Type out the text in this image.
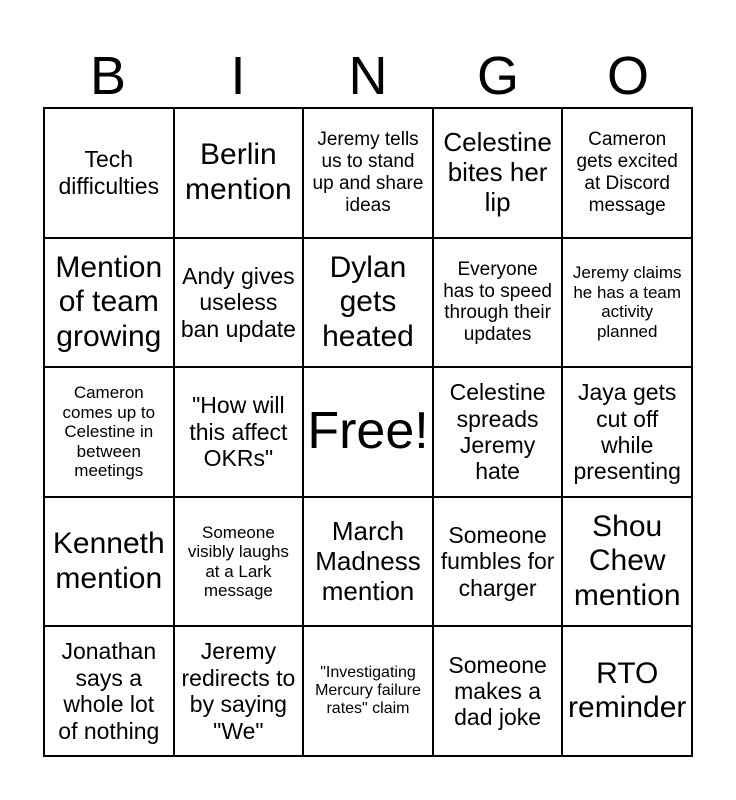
B	I	N	G	O
Tech difficulties
Berlin mention
Jeremy tells us to stand up and share ideas
Celestine bites her lip
Cameron gets excited at Discord message
Mention of team growing
Andy gives useless ban update
Dylan gets heated
Everyone has to speed through their updates
Jeremy claims he has a team activity planned
Cameron comes up to Celestine in between meetings
"How will this affect OKRs" Free!
Celestine spreads Jeremy hate
Jaya gets cut off while presenting
Kenneth mention
Someone visibly laughs at a Lark message
March Madness mention
Someone fumbles for charger
Shou Chew mention
Jonathan says a whole lot of nothing
Jeremy redirects to by saying "We"
"Investigating Mercury failure rates" claim
Someone makes a dad joke
RTO reminder
